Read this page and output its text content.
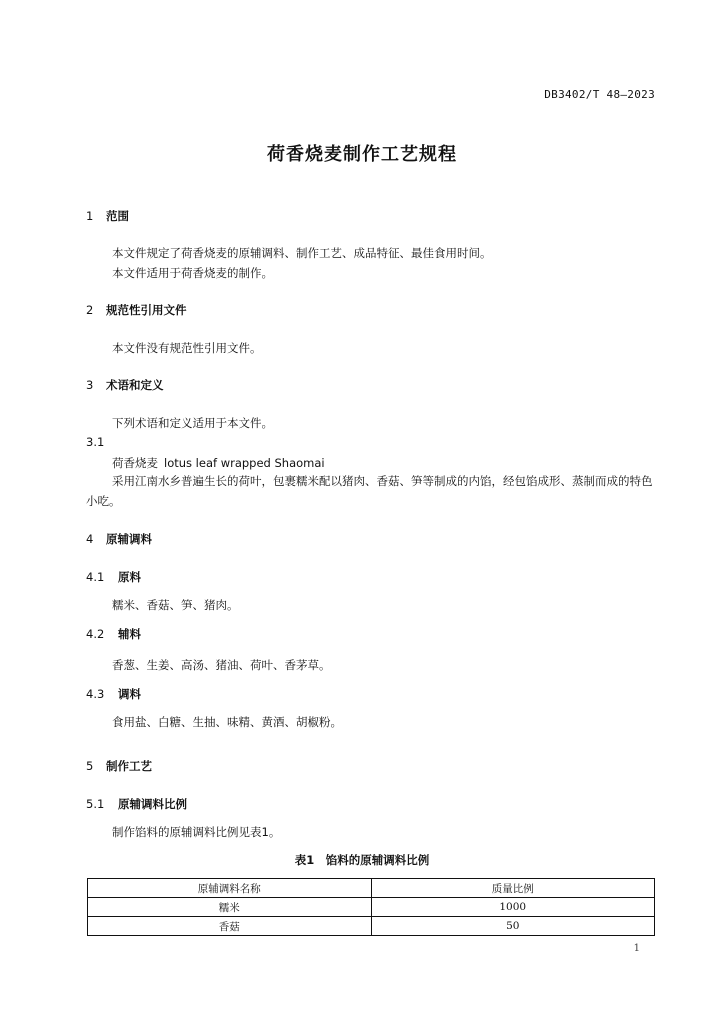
DB3402/T 48—2023
荷香烧麦制作工艺规程
1 范围
本文件规定了荷香烧麦的原辅调料、制作工艺、成品特征、最佳食用时间。
本文件适用于荷香烧麦的制作。
2 规范性引用文件
本文件没有规范性引用文件。
3 术语和定义
下列术语和定义适用于本文件。
3.1
荷香烧麦 lotus leaf wrapped Shaomai
采用江南水乡普遍生长的荷叶，包裹糯米配以猪肉、香菇、笋等制成的内馅，经包馅成形、蒸制而成的特色小吃。
4 原辅调料
4.1 原料
糯米、香菇、笋、猪肉。
4.2 辅料
香葱、生姜、高汤、猪油、荷叶、香茅草。
4.3 调料
食用盐、白糖、生抽、味精、黄酒、胡椒粉。
5 制作工艺
5.1 原辅调料比例
制作馅料的原辅调料比例见表1。
表1　馅料的原辅调料比例
原辅调料名称	质量比例
糯米	1000
香菇	50
1
